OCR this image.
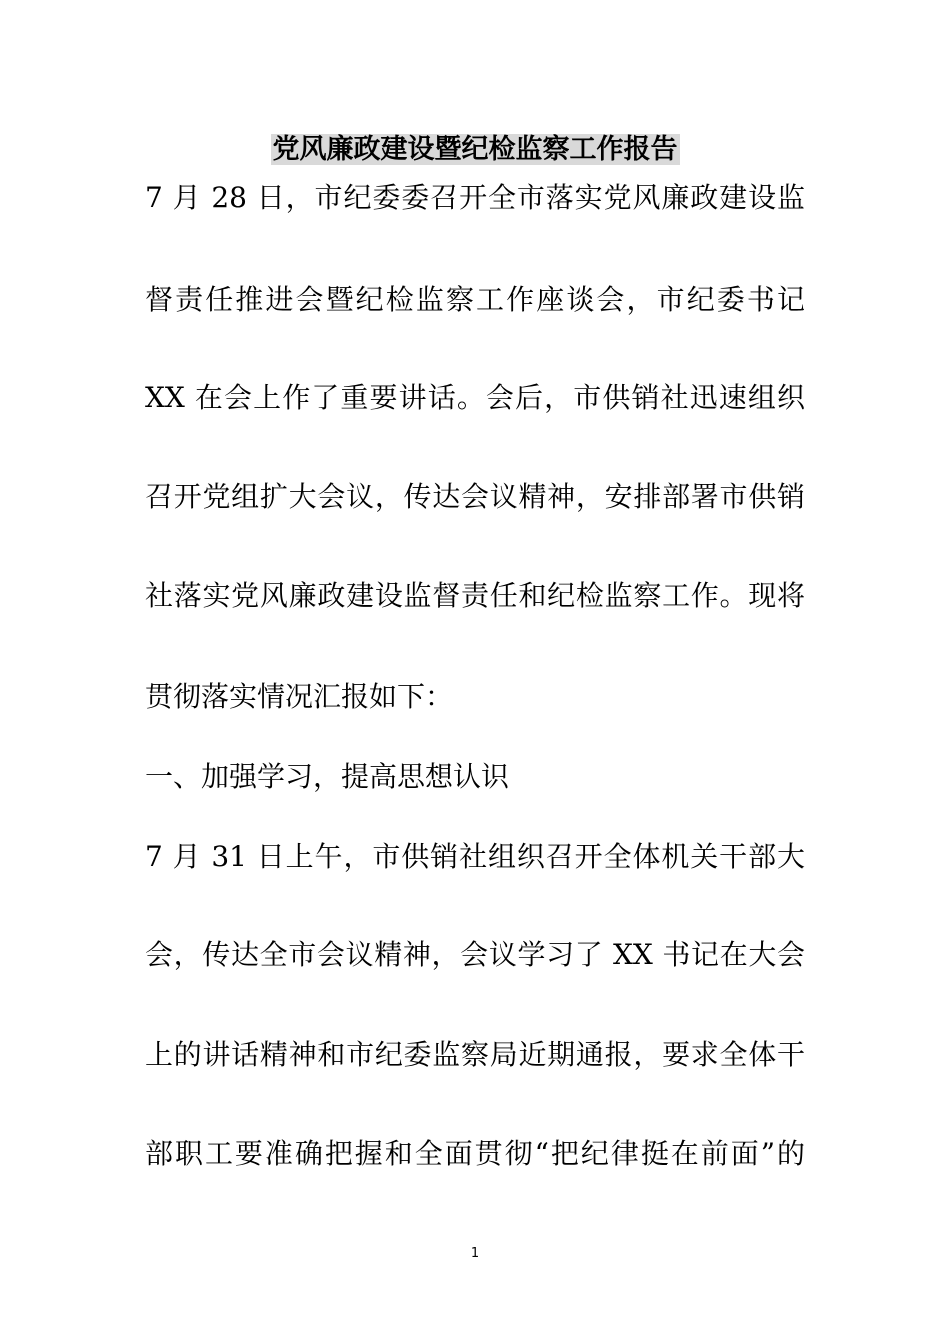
党风廉政建设暨纪检监察工作报告
7 月 28 日，市纪委委召开全市落实党风廉政建设监
督责任推进会暨纪检监察工作座谈会，市纪委书记
XX 在会上作了重要讲话。会后，市供销社迅速组织
召开党组扩大会议，传达会议精神，安排部署市供销
社落实党风廉政建设监督责任和纪检监察工作。现将
贯彻落实情况汇报如下：
一、加强学习，提高思想认识
7 月 31 日上午，市供销社组织召开全体机关干部大
会，传达全市会议精神，会议学习了 XX 书记在大会
上的讲话精神和市纪委监察局近期通报，要求全体干
部职工要准确把握和全面贯彻“把纪律挺在前面”的
1
